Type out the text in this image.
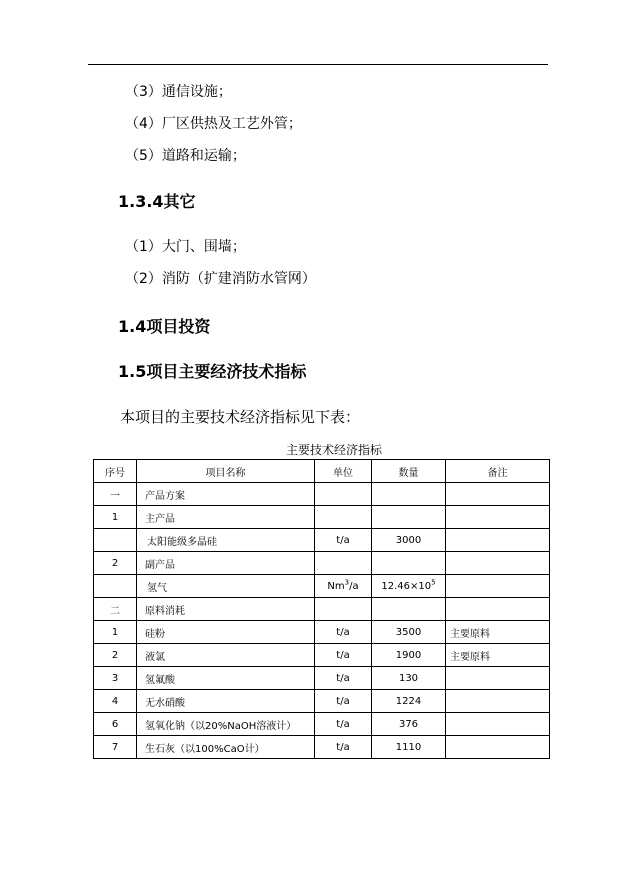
（3）通信设施；
（4）厂区供热及工艺外管；
（5）道路和运输；
1.3.4其它
（1）大门、围墙；
（2）消防（扩建消防水管网）
1.4项目投资
1.5项目主要经济技术指标
本项目的主要技术经济指标见下表：
主要技术经济指标
序号	项目名称	单位	数量	备注
一	产品方案			
1	主产品			
	太阳能级多晶硅	t/a	3000	
2	副产品			
	氢气	Nm$^3$/a	$12.46\times 10^5$	
二	原料消耗			
1	硅粉	t/a	3500	主要原料
2	液氯	t/a	1900	主要原料
3	氢氟酸	t/a	130	
4	无水硝酸	t/a	1224	
6	氢氧化钠（以20%NaOH溶液计）	t/a	376	
7	生石灰（以100%CaO计）	t/a	1110	
